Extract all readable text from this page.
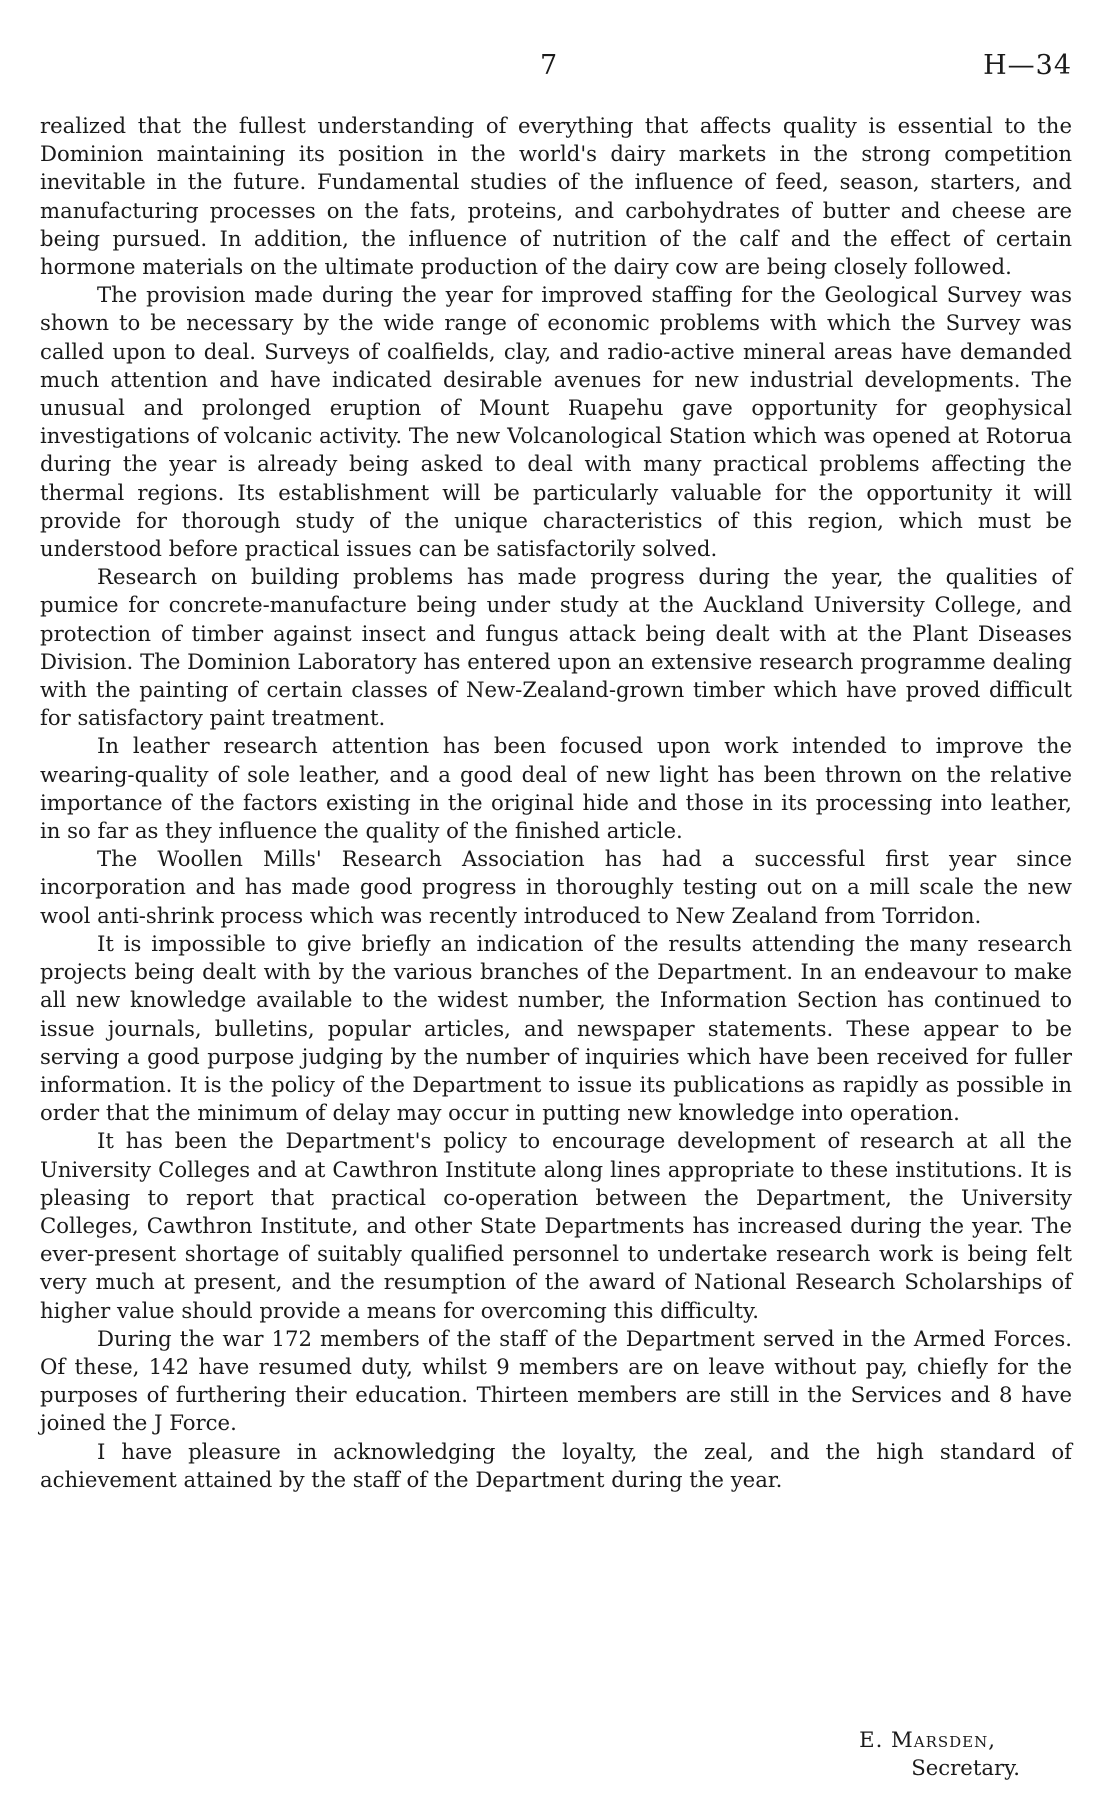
7	H—34

realized that the fullest understanding of everything that affects quality is essential to the Dominion maintaining its position in the world's dairy markets in the strong competition inevitable in the future. Fundamental studies of the influence of feed, season, starters, and manufacturing processes on the fats, proteins, and carbohydrates of butter and cheese are being pursued. In addition, the influence of nutrition of the calf and the effect of certain hormone materials on the ultimate production of the dairy cow are being closely followed.

The provision made during the year for improved staffing for the Geological Survey was shown to be necessary by the wide range of economic problems with which the Survey was called upon to deal. Surveys of coalfields, clay, and radio-active mineral areas have demanded much attention and have indicated desirable avenues for new industrial developments. The unusual and prolonged eruption of Mount Ruapehu gave opportunity for geophysical investigations of volcanic activity. The new Volcanological Station which was opened at Rotorua during the year is already being asked to deal with many practical problems affecting the thermal regions. Its establishment will be particularly valuable for the opportunity it will provide for thorough study of the unique characteristics of this region, which must be understood before practical issues can be satisfactorily solved.

Research on building problems has made progress during the year, the qualities of pumice for concrete-manufacture being under study at the Auckland University College, and protection of timber against insect and fungus attack being dealt with at the Plant Diseases Division. The Dominion Laboratory has entered upon an extensive research programme dealing with the painting of certain classes of New-Zealand-grown timber which have proved difficult for satisfactory paint treatment.

In leather research attention has been focused upon work intended to improve the wearing-quality of sole leather, and a good deal of new light has been thrown on the relative importance of the factors existing in the original hide and those in its processing into leather, in so far as they influence the quality of the finished article.

The Woollen Mills' Research Association has had a successful first year since incorporation and has made good progress in thoroughly testing out on a mill scale the new wool anti-shrink process which was recently introduced to New Zealand from Torridon.

It is impossible to give briefly an indication of the results attending the many research projects being dealt with by the various branches of the Department. In an endeavour to make all new knowledge available to the widest number, the Information Section has continued to issue journals, bulletins, popular articles, and newspaper statements. These appear to be serving a good purpose judging by the number of inquiries which have been received for fuller information. It is the policy of the Department to issue its publications as rapidly as possible in order that the minimum of delay may occur in putting new knowledge into operation.

It has been the Department's policy to encourage development of research at all the University Colleges and at Cawthron Institute along lines appropriate to these institutions. It is pleasing to report that practical co-operation between the Department, the University Colleges, Cawthron Institute, and other State Departments has increased during the year. The ever-present shortage of suitably qualified personnel to undertake research work is being felt very much at present, and the resumption of the award of National Research Scholarships of higher value should provide a means for overcoming this difficulty.

During the war 172 members of the staff of the Department served in the Armed Forces. Of these, 142 have resumed duty, whilst 9 members are on leave without pay, chiefly for the purposes of furthering their education. Thirteen members are still in the Services and 8 have joined the J Force.

I have pleasure in acknowledging the loyalty, the zeal, and the high standard of achievement attained by the staff of the Department during the year.

E. Marsden,
Secretary.
